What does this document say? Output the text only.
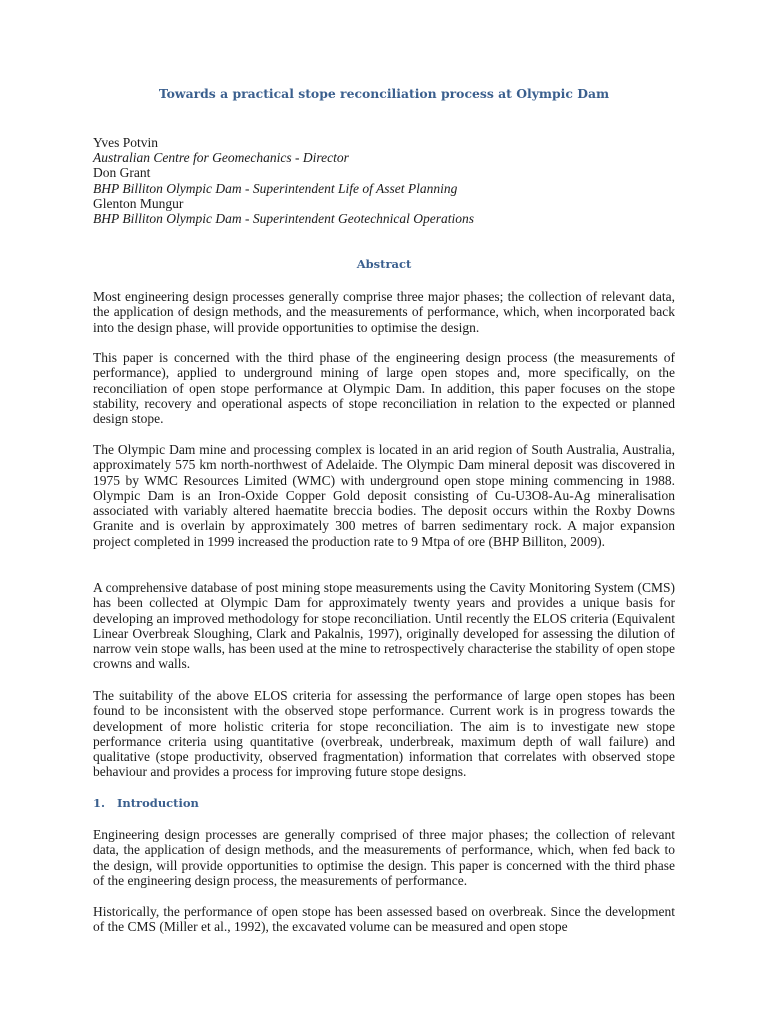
Towards a practical stope reconciliation process at Olympic Dam
Yves Potvin
Australian Centre for Geomechanics - Director
Don Grant
BHP Billiton Olympic Dam - Superintendent Life of Asset Planning
Glenton Mungur
BHP Billiton Olympic Dam - Superintendent Geotechnical Operations
Abstract

Most engineering design processes generally comprise three major phases; the collection of relevant data, the application of design methods, and the measurements of performance, which, when incorporated back into the design phase, will provide opportunities to optimise the design.

This paper is concerned with the third phase of the engineering design process (the measurements of performance), applied to underground mining of large open stopes and, more specifically, on the reconciliation of open stope performance at Olympic Dam. In addition, this paper focuses on the stope stability, recovery and operational aspects of stope reconciliation in relation to the expected or planned design stope.

The Olympic Dam mine and processing complex is located in an arid region of South Australia, Australia, approximately 575 km north-northwest of Adelaide. The Olympic Dam mineral deposit was discovered in 1975 by WMC Resources Limited (WMC) with underground open stope mining commencing in 1988. Olympic Dam is an Iron-Oxide Copper Gold deposit consisting of Cu-U3O8-Au-Ag mineralisation associated with variably altered haematite breccia bodies. The deposit occurs within the Roxby Downs Granite and is overlain by approximately 300 metres of barren sedimentary rock. A major expansion project completed in 1999 increased the production rate to 9 Mtpa of ore (BHP Billiton, 2009).

A comprehensive database of post mining stope measurements using the Cavity Monitoring System (CMS) has been collected at Olympic Dam for approximately twenty years and provides a unique basis for developing an improved methodology for stope reconciliation. Until recently the ELOS criteria (Equivalent Linear Overbreak Sloughing, Clark and Pakalnis, 1997), originally developed for assessing the dilution of narrow vein stope walls, has been used at the mine to retrospectively characterise the stability of open stope crowns and walls.

The suitability of the above ELOS criteria for assessing the performance of large open stopes has been found to be inconsistent with the observed stope performance. Current work is in progress towards the development of more holistic criteria for stope reconciliation. The aim is to investigate new stope performance criteria using quantitative (overbreak, underbreak, maximum depth of wall failure) and qualitative (stope productivity, observed fragmentation) information that correlates with observed stope behaviour and provides a process for improving future stope designs.

1. Introduction

Engineering design processes are generally comprised of three major phases; the collection of relevant data, the application of design methods, and the measurements of performance, which, when fed back to the design, will provide opportunities to optimise the design. This paper is concerned with the third phase of the engineering design process, the measurements of performance.

Historically, the performance of open stope has been assessed based on overbreak. Since the development of the CMS (Miller et al., 1992), the excavated volume can be measured and open stope
